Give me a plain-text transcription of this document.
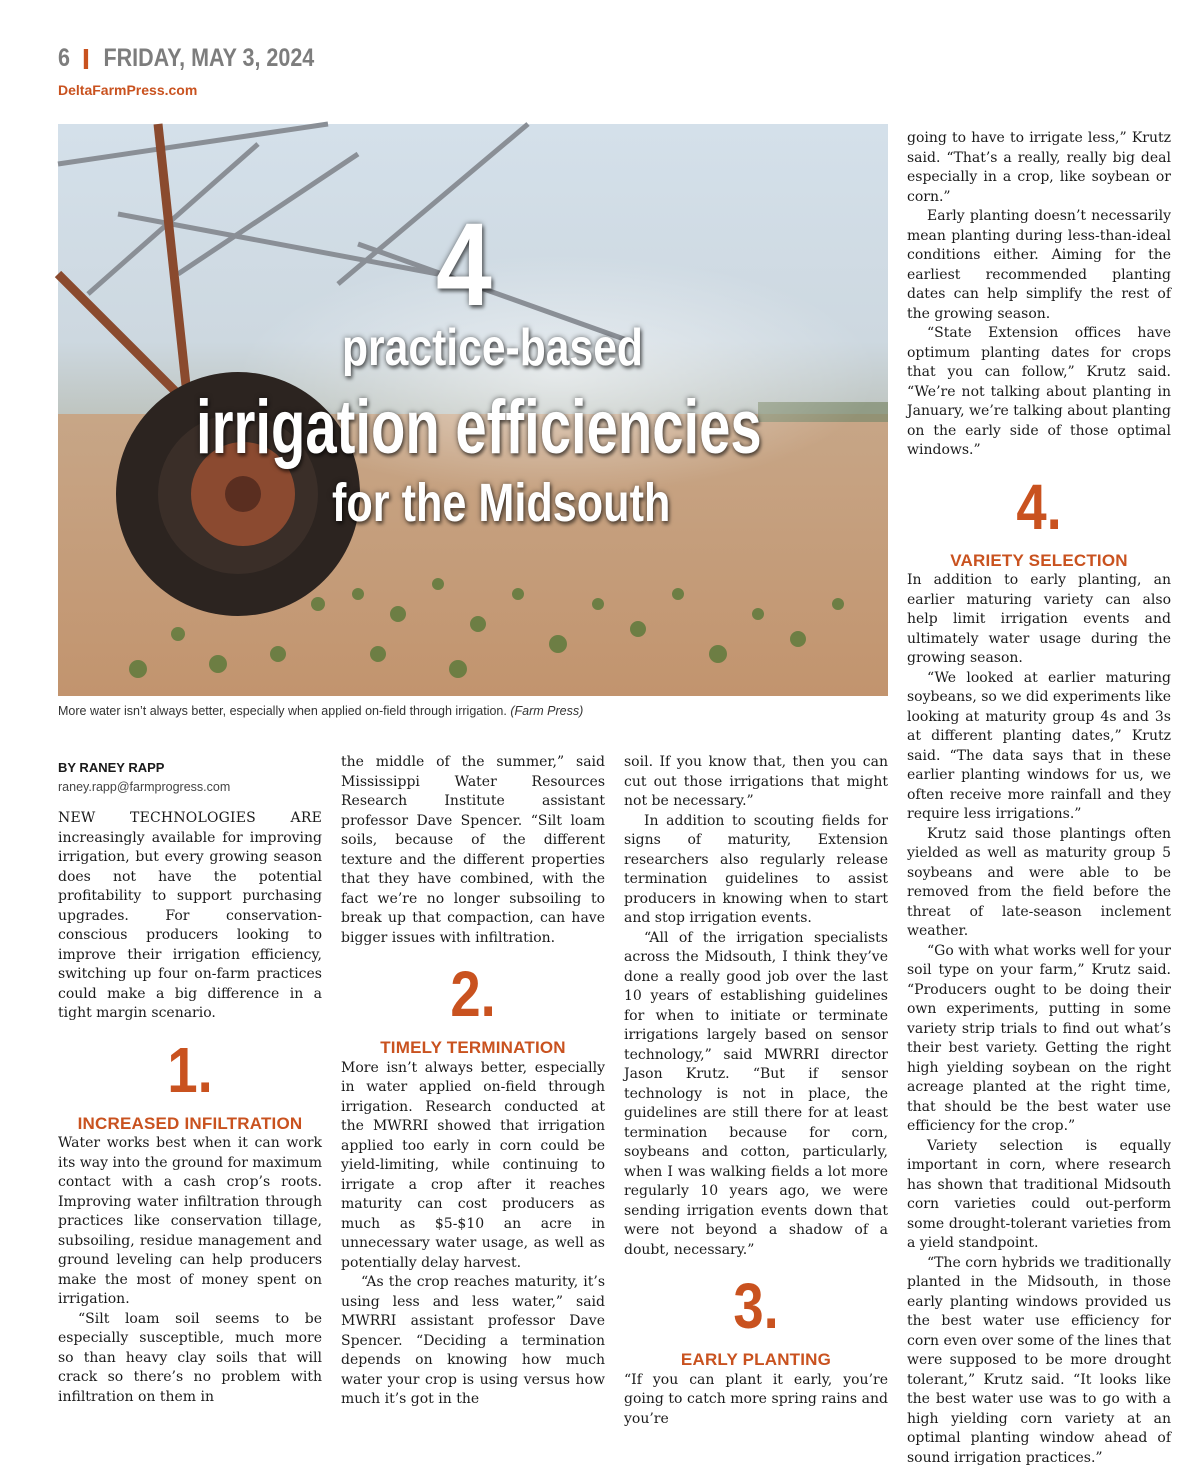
6 FRIDAY, MAY 3, 2024
DeltaFarmPress.com
4
practice-based
irrigation efficiencies
for the Midsouth
More water isn’t always better, especially when applied on-field through irrigation. (Farm Press)
BY RANEY RAPP
raney.rapp@farmprogress.com

NEW TECHNOLOGIES ARE increasingly available for improving irrigation, but every growing season does not have the potential profitability to support purchasing upgrades. For conservation-conscious producers looking to improve their irrigation efficiency, switching up four on-farm practices could make a big difference in a tight margin scenario.

1.
INCREASED INFILTRATION

Water works best when it can work its way into the ground for maximum contact with a cash crop’s roots. Improving water infiltration through practices like conservation tillage, subsoiling, residue management and ground leveling can help producers make the most of money spent on irrigation.

“Silt loam soil seems to be especially susceptible, much more so than heavy clay soils that will crack so there’s no problem with infiltration on them in

the middle of the summer,” said Mississippi Water Resources Research Institute assistant professor Dave Spencer. “Silt loam soils, because of the different texture and the different properties that they have combined, with the fact we’re no longer subsoiling to break up that compaction, can have bigger issues with infiltration.

2.
TIMELY TERMINATION

More isn’t always better, especially in water applied on-field through irrigation. Research conducted at the MWRRI showed that irrigation applied too early in corn could be yield-limiting, while continuing to irrigate a crop after it reaches maturity can cost producers as much as $5-$10 an acre in unnecessary water usage, as well as potentially delay harvest.

“As the crop reaches maturity, it’s using less and less water,” said MWRRI assistant professor Dave Spencer. “Deciding a termination depends on knowing how much water your crop is using versus how much it’s got in the

soil. If you know that, then you can cut out those irrigations that might not be necessary.”

In addition to scouting fields for signs of maturity, Extension researchers also regularly release termination guidelines to assist producers in knowing when to start and stop irrigation events.

“All of the irrigation specialists across the Midsouth, I think they’ve done a really good job over the last 10 years of establishing guidelines for when to initiate or terminate irrigations largely based on sensor technology,” said MWRRI director Jason Krutz. “But if sensor technology is not in place, the guidelines are still there for at least termination because for corn, soybeans and cotton, particularly, when I was walking fields a lot more regularly 10 years ago, we were sending irrigation events down that were not beyond a shadow of a doubt, necessary.”

3.
EARLY PLANTING

“If you can plant it early, you’re going to catch more spring rains and you’re

going to have to irrigate less,” Krutz said. “That’s a really, really big deal especially in a crop, like soybean or corn.”

Early planting doesn’t necessarily mean planting during less-than-ideal conditions either. Aiming for the earliest recommended planting dates can help simplify the rest of the growing season.

“State Extension offices have optimum planting dates for crops that you can follow,” Krutz said. “We’re not talking about planting in January, we’re talking about planting on the early side of those optimal windows.”

4.
VARIETY SELECTION

In addition to early planting, an earlier maturing variety can also help limit irrigation events and ultimately water usage during the growing season.

“We looked at earlier maturing soybeans, so we did experiments like looking at maturity group 4s and 3s at different planting dates,” Krutz said. “The data says that in these earlier planting windows for us, we often receive more rainfall and they require less irrigations.”

Krutz said those plantings often yielded as well as maturity group 5 soybeans and were able to be removed from the field before the threat of late-season inclement weather.

“Go with what works well for your soil type on your farm,” Krutz said. “Producers ought to be doing their own experiments, putting in some variety strip trials to find out what’s their best variety. Getting the right high yielding soybean on the right acreage planted at the right time, that should be the best water use efficiency for the crop.”

Variety selection is equally important in corn, where research has shown that traditional Midsouth corn varieties could out-perform some drought-tolerant varieties from a yield standpoint.

“The corn hybrids we traditionally planted in the Midsouth, in those early planting windows provided us the best water use efficiency for corn even over some of the lines that were supposed to be more drought tolerant,” Krutz said. “It looks like the best water use was to go with a high yielding corn variety at an optimal planting window ahead of sound irrigation practices.”
